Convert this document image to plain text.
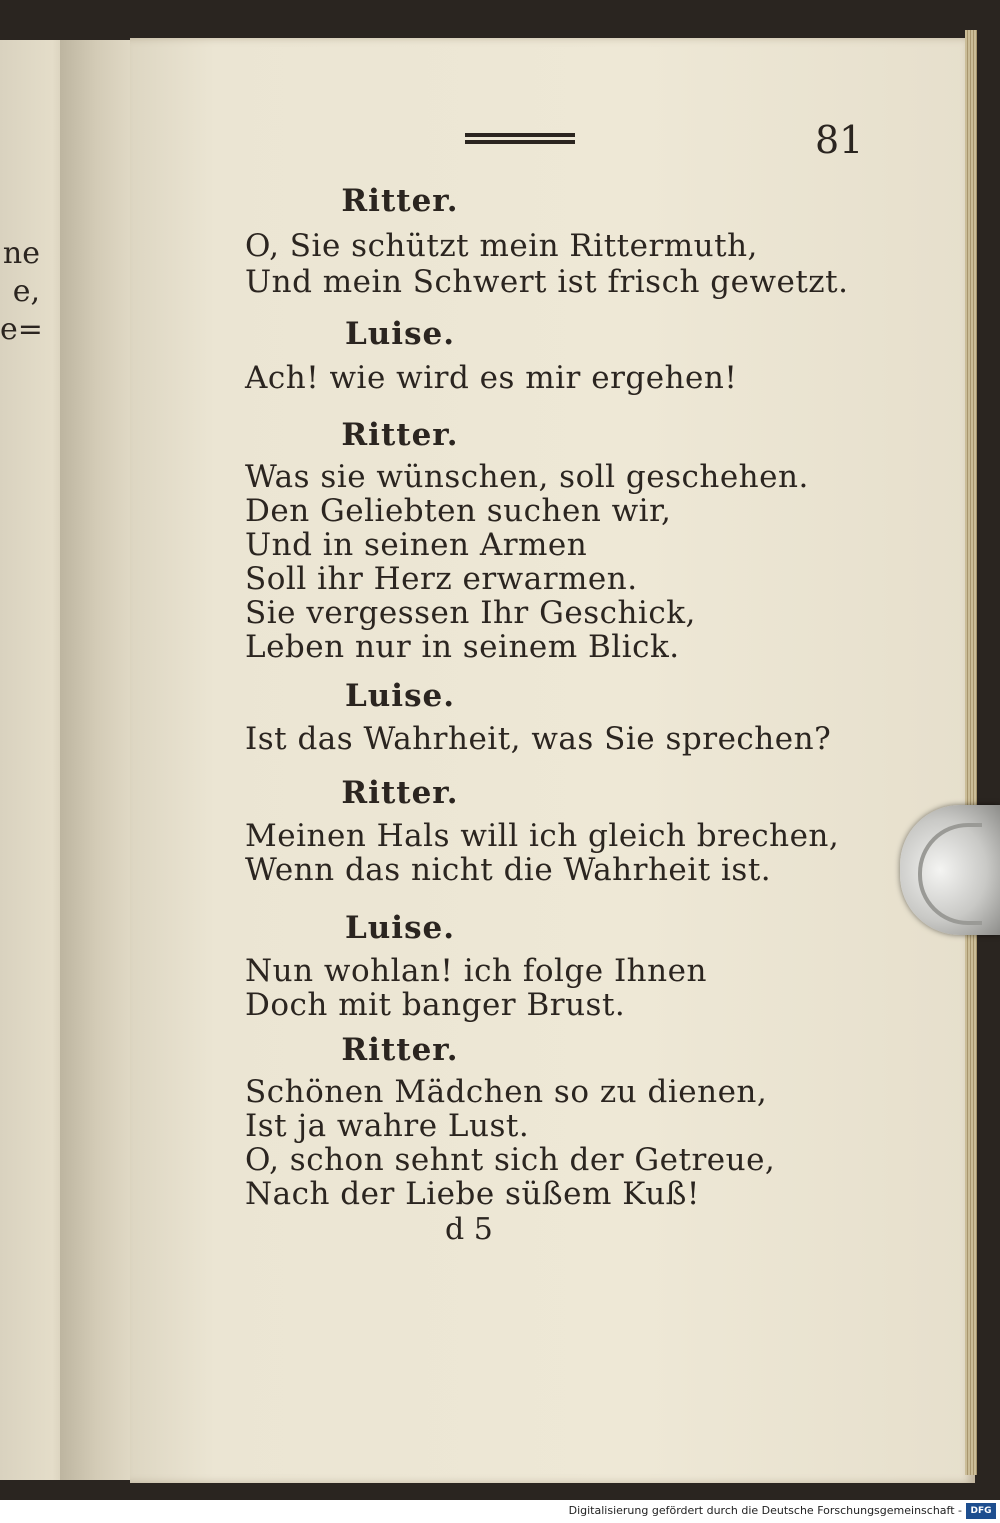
ne
e,
e=
81
Ritter.
O, Sie schützt mein Rittermuth,
Und mein Schwert ist frisch gewetzt.
Luise.
Ach! wie wird es mir ergehen!
Ritter.
Was sie wünschen, soll geschehen.
Den Geliebten suchen wir,
Und in seinen Armen
Soll ihr Herz erwarmen.
Sie vergessen Ihr Geschick,
Leben nur in seinem Blick.
Luise.
Ist das Wahrheit, was Sie sprechen?
Ritter.
Meinen Hals will ich gleich brechen,
Wenn das nicht die Wahrheit ist.
Luise.
Nun wohlan! ich folge Ihnen
Doch mit banger Brust.
Ritter.
Schönen Mädchen so zu dienen,
Ist ja wahre Lust.
O, schon sehnt sich der Getreue,
Nach der Liebe süßem Kuß!
d 5
Digitalisierung gefördert durch die Deutsche Forschungsgemeinschaft - DFG
